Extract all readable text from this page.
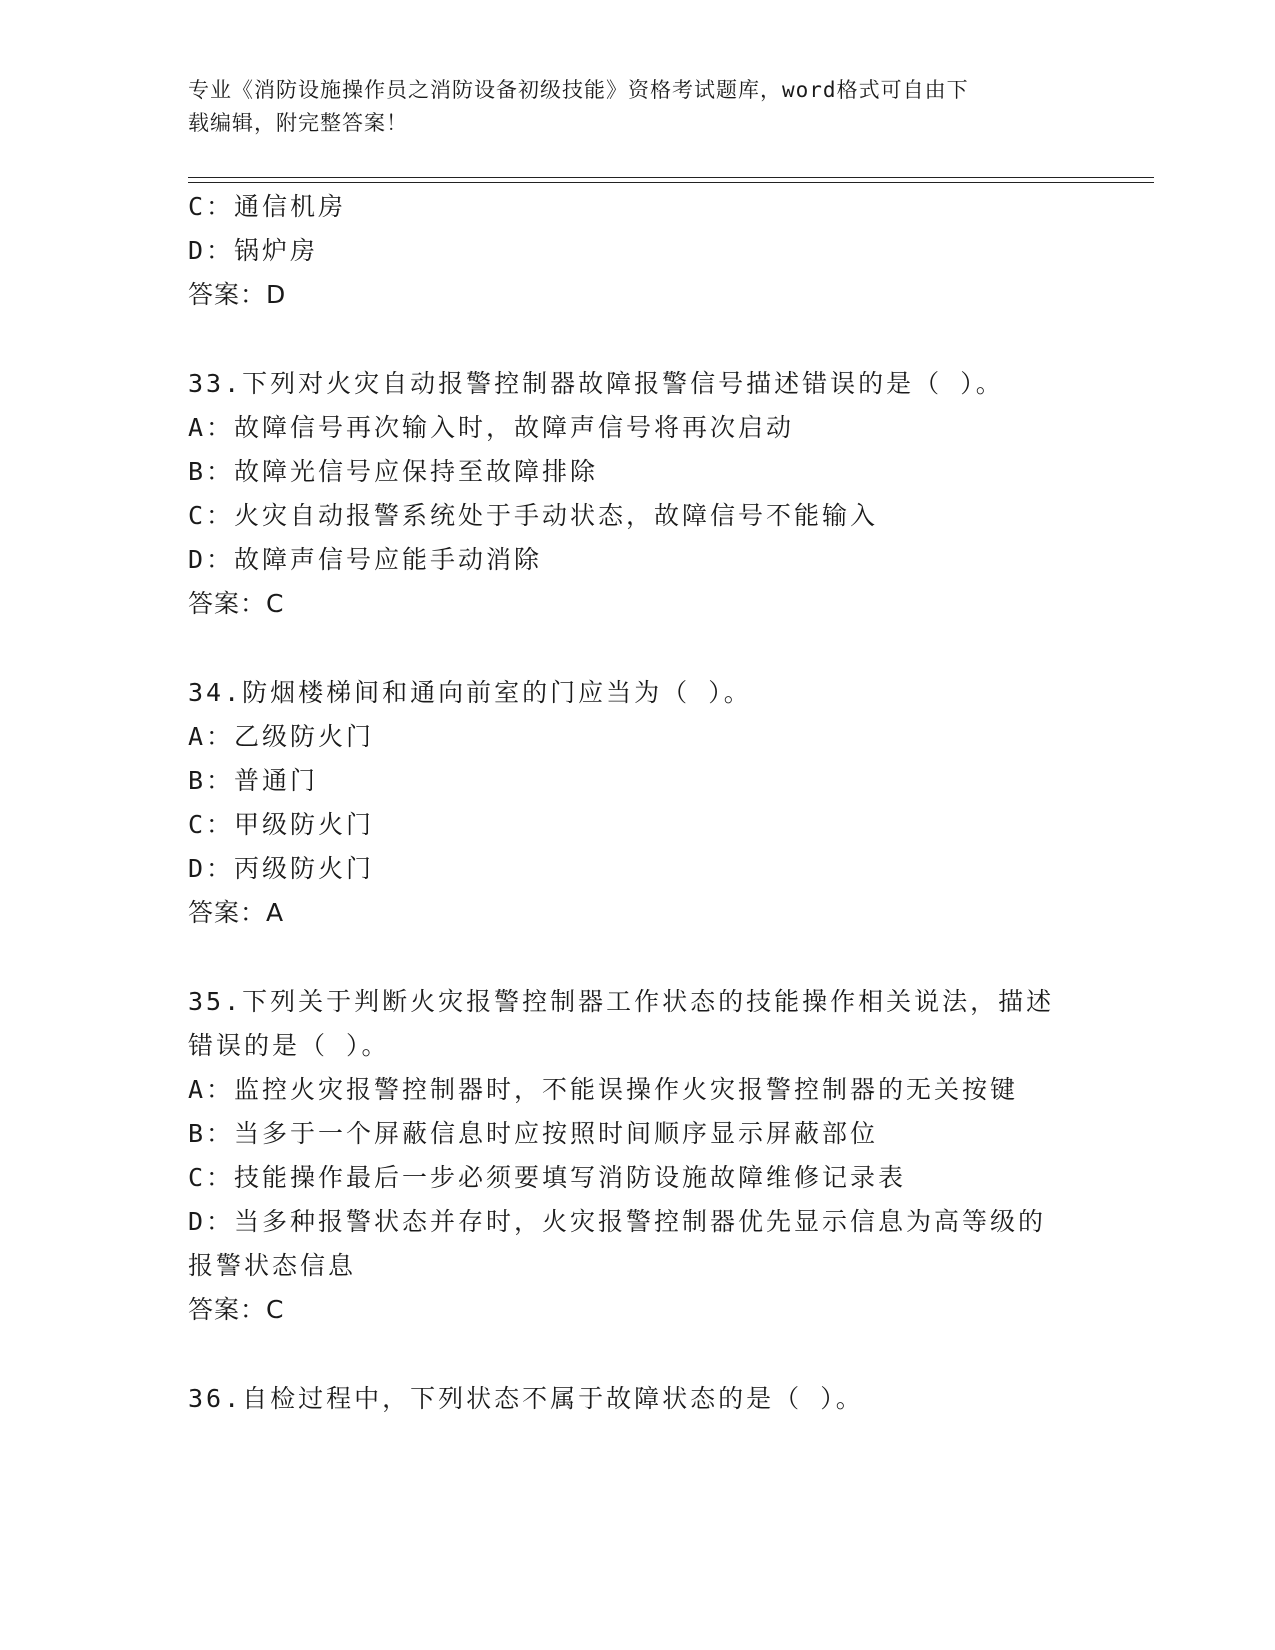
专业《消防设施操作员之消防设备初级技能》资格考试题库，word格式可自由下
载编辑，附完整答案！
C：通信机房
D：锅炉房
答案：D
33.下列对火灾自动报警控制器故障报警信号描述错误的是（ ）。
A：故障信号再次输入时，故障声信号将再次启动
B：故障光信号应保持至故障排除
C：火灾自动报警系统处于手动状态，故障信号不能输入
D：故障声信号应能手动消除
答案：C
34.防烟楼梯间和通向前室的门应当为（ ）。
A：乙级防火门
B：普通门
C：甲级防火门
D：丙级防火门
答案：A
35.下列关于判断火灾报警控制器工作状态的技能操作相关说法，描述
错误的是（ ）。
A：监控火灾报警控制器时，不能误操作火灾报警控制器的无关按键
B：当多于一个屏蔽信息时应按照时间顺序显示屏蔽部位
C：技能操作最后一步必须要填写消防设施故障维修记录表
D：当多种报警状态并存时，火灾报警控制器优先显示信息为高等级的
报警状态信息
答案：C
36.自检过程中，下列状态不属于故障状态的是（ ）。
